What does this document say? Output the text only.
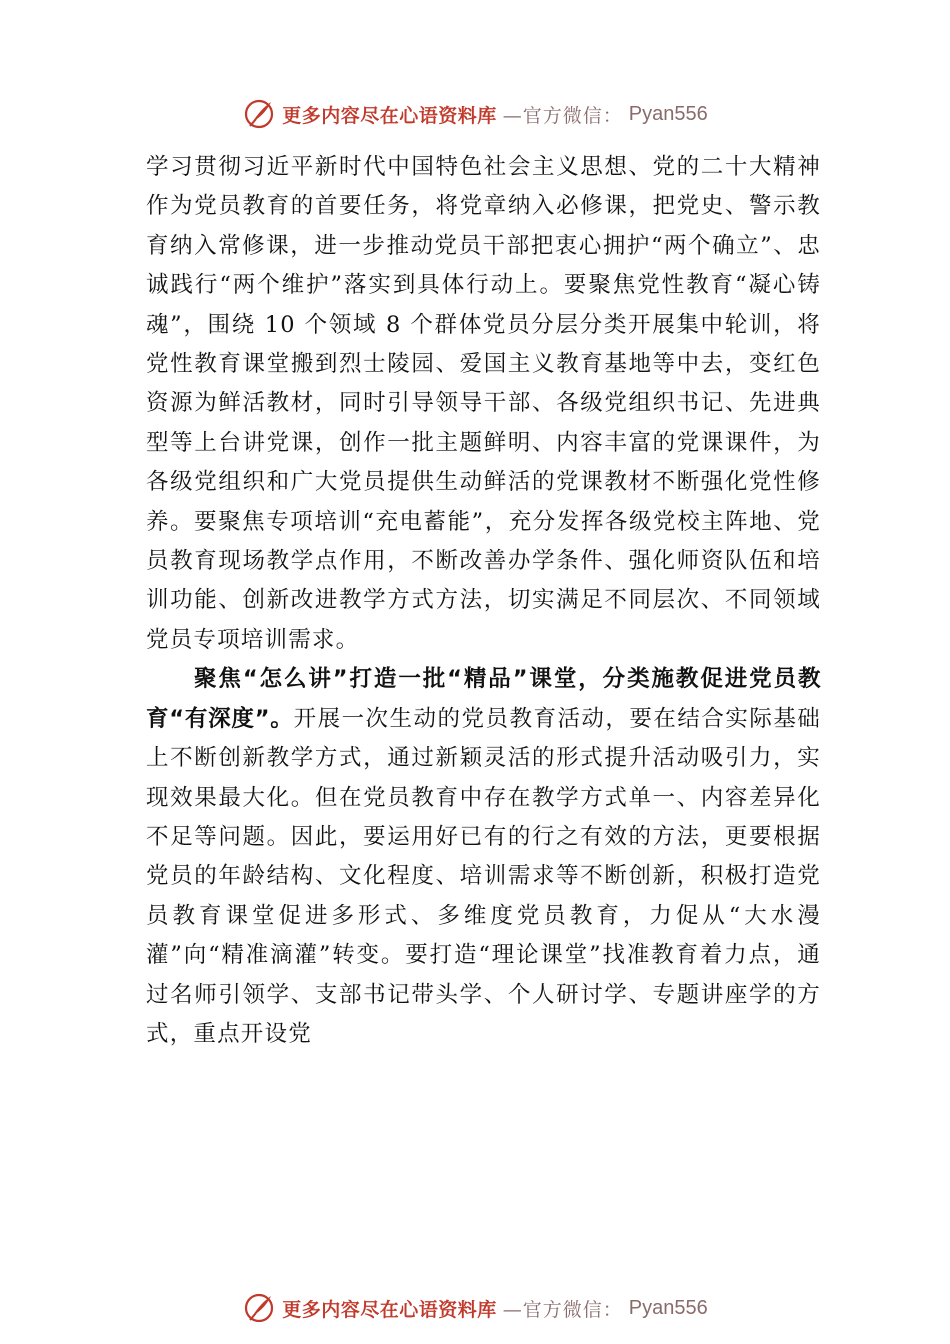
更多内容尽在心语资料库 —官方微信： Pyan556

学习贯彻习近平新时代中国特色社会主义思想、党的二十大精神作为党员教育的首要任务，将党章纳入必修课，把党史、警示教育纳入常修课，进一步推动党员干部把衷心拥护“两个确立”、忠诚践行“两个维护”落实到具体行动上。要聚焦党性教育“凝心铸魂”，围绕 10 个领域 8 个群体党员分层分类开展集中轮训，将党性教育课堂搬到烈士陵园、爱国主义教育基地等中去，变红色资源为鲜活教材，同时引导领导干部、各级党组织书记、先进典型等上台讲党课，创作一批主题鲜明、内容丰富的党课课件，为各级党组织和广大党员提供生动鲜活的党课教材不断强化党性修养。要聚焦专项培训“充电蓄能”，充分发挥各级党校主阵地、党员教育现场教学点作用，不断改善办学条件、强化师资队伍和培训功能、创新改进教学方式方法，切实满足不同层次、不同领域党员专项培训需求。

聚焦“怎么讲”打造一批“精品”课堂，分类施教促进党员教育“有深度”。开展一次生动的党员教育活动，要在结合实际基础上不断创新教学方式，通过新颖灵活的形式提升活动吸引力，实现效果最大化。但在党员教育中存在教学方式单一、内容差异化不足等问题。因此，要运用好已有的行之有效的方法，更要根据党员的年龄结构、文化程度、培训需求等不断创新，积极打造党员教育课堂促进多形式、多维度党员教育，力促从“大水漫灌”向“精准滴灌”转变。要打造“理论课堂”找准教育着力点，通过名师引领学、支部书记带头学、个人研讨学、专题讲座学的方式，重点开设党

更多内容尽在心语资料库 —官方微信： Pyan556
